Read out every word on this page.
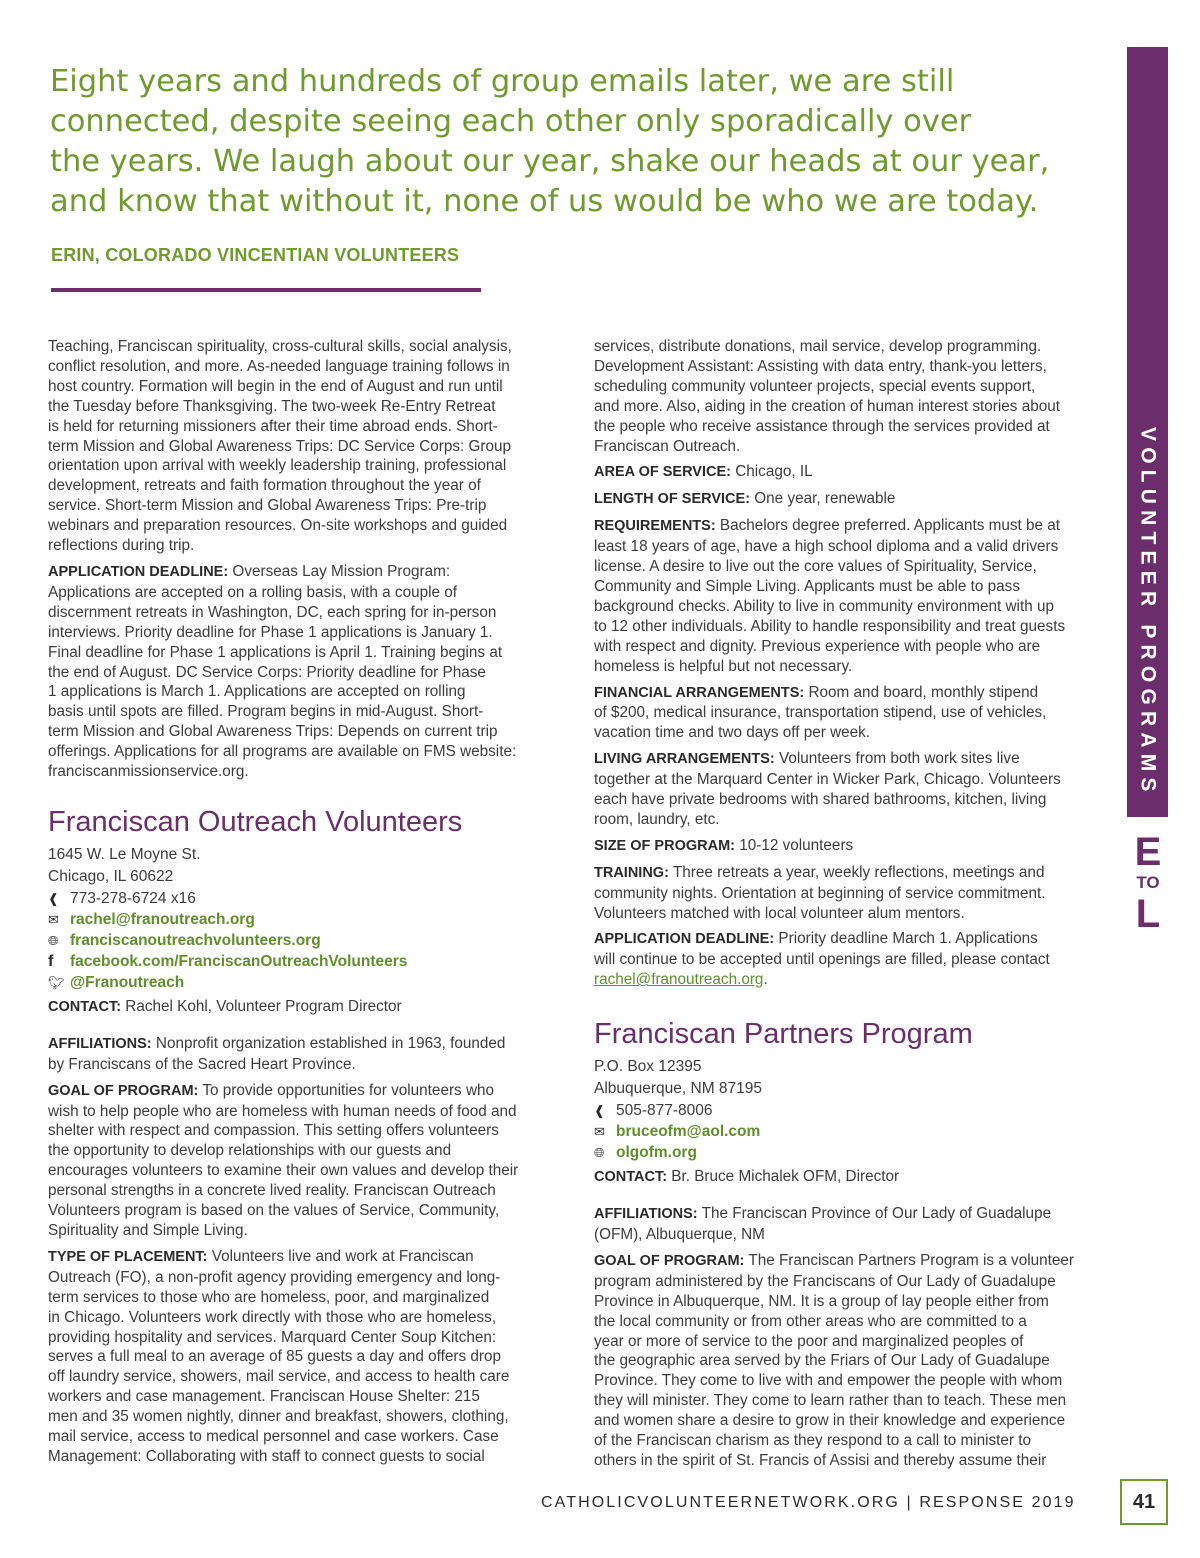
Eight years and hundreds of group emails later, we are still
connected, despite seeing each other only sporadically over
the years. We laugh about our year, shake our heads at our year,
and know that without it, none of us would be who we are today.
ERIN, COLORADO VINCENTIAN VOLUNTEERS
VOLUNTEER PROGRAMS
E
TO
L
Teaching, Franciscan spirituality, cross-cultural skills, social analysis,
conflict resolution, and more. As-needed language training follows in
host country. Formation will begin in the end of August and run until
the Tuesday before Thanksgiving. The two-week Re-Entry Retreat
is held for returning missioners after their time abroad ends. Short-
term Mission and Global Awareness Trips: DC Service Corps: Group
orientation upon arrival with weekly leadership training, professional
development, retreats and faith formation throughout the year of
service. Short-term Mission and Global Awareness Trips: Pre-trip
webinars and preparation resources. On-site workshops and guided
reflections during trip.
APPLICATION DEADLINE: Overseas Lay Mission Program:
Applications are accepted on a rolling basis, with a couple of
discernment retreats in Washington, DC, each spring for in-person
interviews. Priority deadline for Phase 1 applications is January 1.
Final deadline for Phase 1 applications is April 1. Training begins at
the end of August. DC Service Corps: Priority deadline for Phase
1 applications is March 1. Applications are accepted on rolling
basis until spots are filled. Program begins in mid-August. Short-
term Mission and Global Awareness Trips: Depends on current trip
offerings. Applications for all programs are available on FMS website:
franciscanmissionservice.org.
Franciscan Outreach Volunteers
1645 W. Le Moyne St.
Chicago, IL 60622
❰ 773-278-6724 x16
✉ rachel@franoutreach.org
🌐︎ franciscanoutreachvolunteers.org
f	facebook.com/FranciscanOutreachVolunteers
🐦︎ @Franoutreach
CONTACT: Rachel Kohl, Volunteer Program Director
AFFILIATIONS: Nonprofit organization established in 1963, founded
by Franciscans of the Sacred Heart Province.
GOAL OF PROGRAM: To provide opportunities for volunteers who
wish to help people who are homeless with human needs of food and
shelter with respect and compassion. This setting offers volunteers
the opportunity to develop relationships with our guests and
encourages volunteers to examine their own values and develop their
personal strengths in a concrete lived reality. Franciscan Outreach
Volunteers program is based on the values of Service, Community,
Spirituality and Simple Living.
TYPE OF PLACEMENT: Volunteers live and work at Franciscan
Outreach (FO), a non-profit agency providing emergency and long-
term services to those who are homeless, poor, and marginalized
in Chicago. Volunteers work directly with those who are homeless,
providing hospitality and services. Marquard Center Soup Kitchen:
serves a full meal to an average of 85 guests a day and offers drop
off laundry service, showers, mail service, and access to health care
workers and case management. Franciscan House Shelter: 215
men and 35 women nightly, dinner and breakfast, showers, clothing,
mail service, access to medical personnel and case workers. Case
Management: Collaborating with staff to connect guests to social
services, distribute donations, mail service, develop programming.
Development Assistant: Assisting with data entry, thank-you letters,
scheduling community volunteer projects, special events support,
and more. Also, aiding in the creation of human interest stories about
the people who receive assistance through the services provided at
Franciscan Outreach.
AREA OF SERVICE: Chicago, IL
LENGTH OF SERVICE: One year, renewable
REQUIREMENTS: Bachelors degree preferred. Applicants must be at
least 18 years of age, have a high school diploma and a valid drivers
license. A desire to live out the core values of Spirituality, Service,
Community and Simple Living. Applicants must be able to pass
background checks. Ability to live in community environment with up
to 12 other individuals. Ability to handle responsibility and treat guests
with respect and dignity. Previous experience with people who are
homeless is helpful but not necessary.
FINANCIAL ARRANGEMENTS: Room and board, monthly stipend
of $200, medical insurance, transportation stipend, use of vehicles,
vacation time and two days off per week.
LIVING ARRANGEMENTS: Volunteers from both work sites live
together at the Marquard Center in Wicker Park, Chicago. Volunteers
each have private bedrooms with shared bathrooms, kitchen, living
room, laundry, etc.
SIZE OF PROGRAM: 10-12 volunteers
TRAINING: Three retreats a year, weekly reflections, meetings and
community nights. Orientation at beginning of service commitment.
Volunteers matched with local volunteer alum mentors.
APPLICATION DEADLINE: Priority deadline March 1. Applications
will continue to be accepted until openings are filled, please contact
rachel@franoutreach.org.
Franciscan Partners Program
P.O. Box 12395
Albuquerque, NM 87195
❰ 505-877-8006
✉ bruceofm@aol.com
🌐︎ olgofm.org
CONTACT: Br. Bruce Michalek OFM, Director
AFFILIATIONS: The Franciscan Province of Our Lady of Guadalupe
(OFM), Albuquerque, NM
GOAL OF PROGRAM: The Franciscan Partners Program is a volunteer
program administered by the Franciscans of Our Lady of Guadalupe
Province in Albuquerque, NM. It is a group of lay people either from
the local community or from other areas who are committed to a
year or more of service to the poor and marginalized peoples of
the geographic area served by the Friars of Our Lady of Guadalupe
Province. They come to live with and empower the people with whom
they will minister. They come to learn rather than to teach. These men
and women share a desire to grow in their knowledge and experience
of the Franciscan charism as they respond to a call to minister to
others in the spirit of St. Francis of Assisi and thereby assume their
CATHOLICVOLUNTEERNETWORK.ORG | RESPONSE 2019	41
